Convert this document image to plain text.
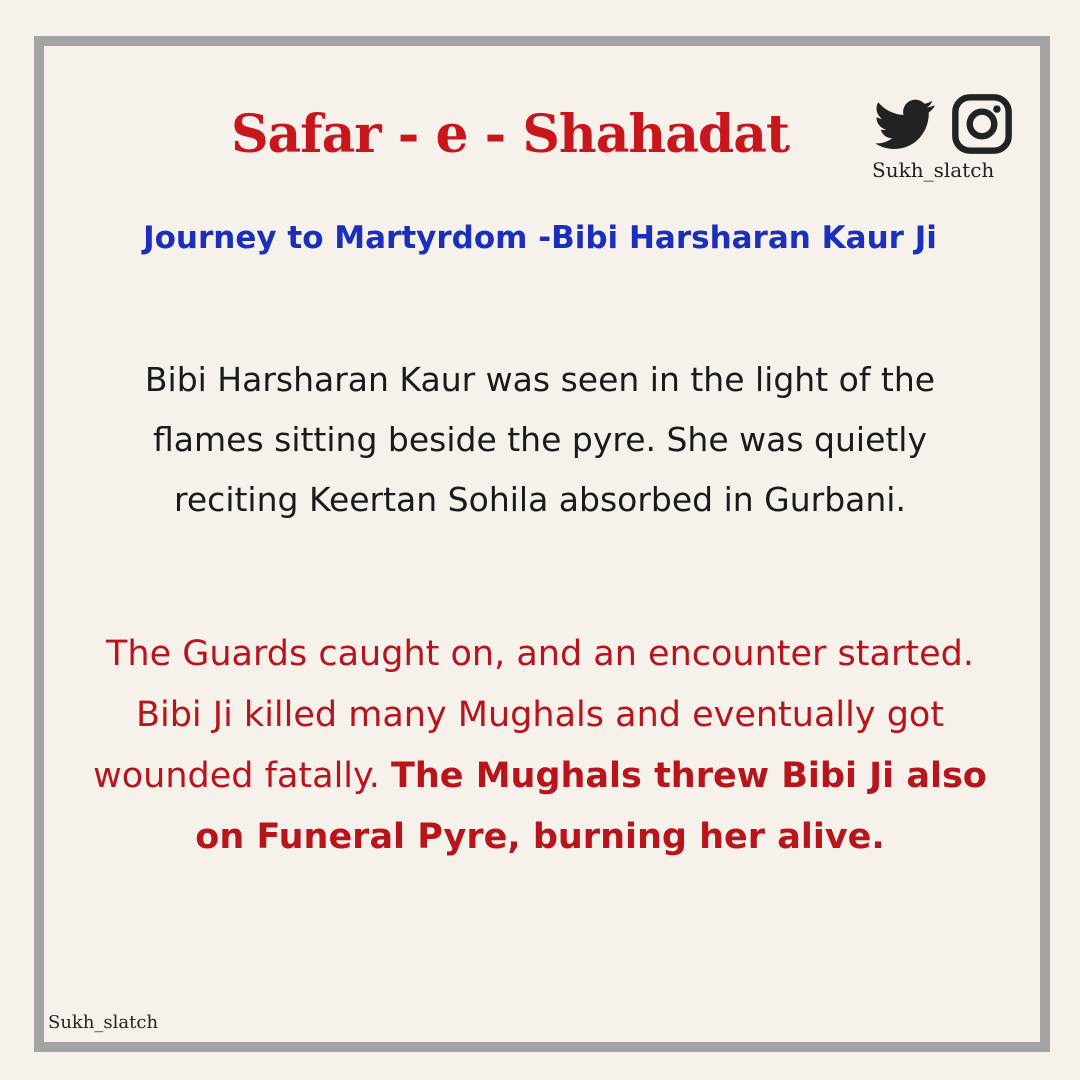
Safar - e - Shahadat
Sukh_slatch
Journey to Martyrdom -Bibi Harsharan Kaur Ji

Bibi Harsharan Kaur was seen in the light of the flames sitting beside the pyre. She was quietly reciting Keertan Sohila absorbed in Gurbani.

The Guards caught on, and an encounter started. Bibi Ji killed many Mughals and eventually got wounded fatally. The Mughals threw Bibi Ji also on Funeral Pyre, burning her alive.

Sukh_slatch
